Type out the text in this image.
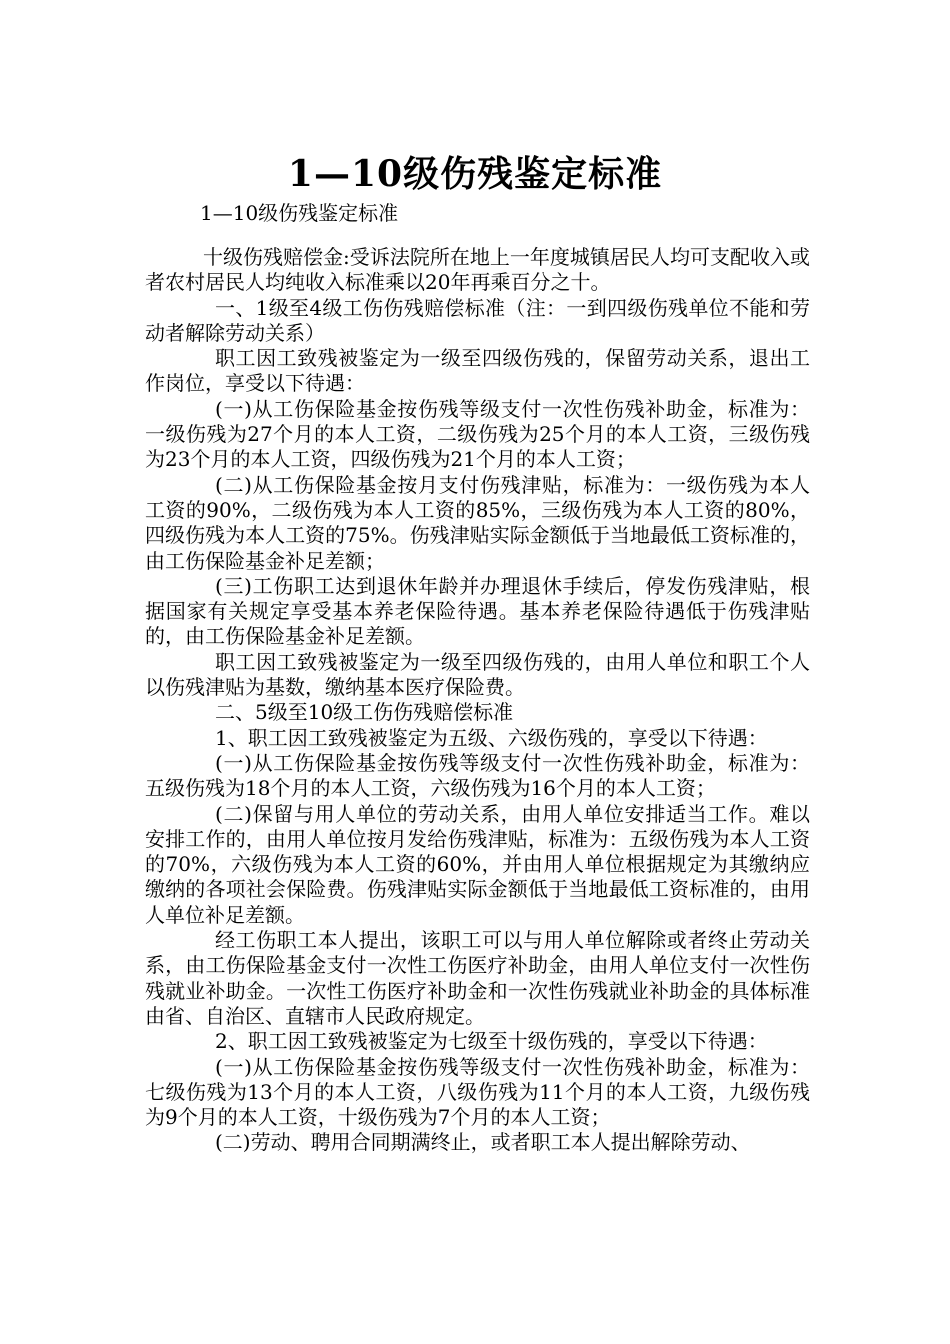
1—10级伤残鉴定标准
1—10级伤残鉴定标准

十级伤残赔偿金:受诉法院所在地上一年度城镇居民人均可支配收入或者农村居民人均纯收入标准乘以20年再乘百分之十。

一、1级至4级工伤伤残赔偿标准（注：一到四级伤残单位不能和劳动者解除劳动关系）

职工因工致残被鉴定为一级至四级伤残的，保留劳动关系，退出工作岗位，享受以下待遇：

(一)从工伤保险基金按伤残等级支付一次性伤残补助金，标准为：一级伤残为27个月的本人工资，二级伤残为25个月的本人工资，三级伤残为23个月的本人工资，四级伤残为21个月的本人工资；

(二)从工伤保险基金按月支付伤残津贴，标准为：一级伤残为本人工资的90%，二级伤残为本人工资的85%，三级伤残为本人工资的80%，四级伤残为本人工资的75%。伤残津贴实际金额低于当地最低工资标准的，由工伤保险基金补足差额；

(三)工伤职工达到退休年龄并办理退休手续后，停发伤残津贴，根据国家有关规定享受基本养老保险待遇。基本养老保险待遇低于伤残津贴的，由工伤保险基金补足差额。

职工因工致残被鉴定为一级至四级伤残的，由用人单位和职工个人以伤残津贴为基数，缴纳基本医疗保险费。

二、5级至10级工伤伤残赔偿标准

1、职工因工致残被鉴定为五级、六级伤残的，享受以下待遇：

(一)从工伤保险基金按伤残等级支付一次性伤残补助金，标准为：五级伤残为18个月的本人工资，六级伤残为16个月的本人工资；

(二)保留与用人单位的劳动关系，由用人单位安排适当工作。难以安排工作的，由用人单位按月发给伤残津贴，标准为：五级伤残为本人工资的70%，六级伤残为本人工资的60%，并由用人单位根据规定为其缴纳应缴纳的各项社会保险费。伤残津贴实际金额低于当地最低工资标准的，由用人单位补足差额。

经工伤职工本人提出，该职工可以与用人单位解除或者终止劳动关系，由工伤保险基金支付一次性工伤医疗补助金，由用人单位支付一次性伤残就业补助金。一次性工伤医疗补助金和一次性伤残就业补助金的具体标准由省、自治区、直辖市人民政府规定。

2、职工因工致残被鉴定为七级至十级伤残的，享受以下待遇：

(一)从工伤保险基金按伤残等级支付一次性伤残补助金，标准为：七级伤残为13个月的本人工资，八级伤残为11个月的本人工资，九级伤残为9个月的本人工资，十级伤残为7个月的本人工资；

(二)劳动、聘用合同期满终止，或者职工本人提出解除劳动、
